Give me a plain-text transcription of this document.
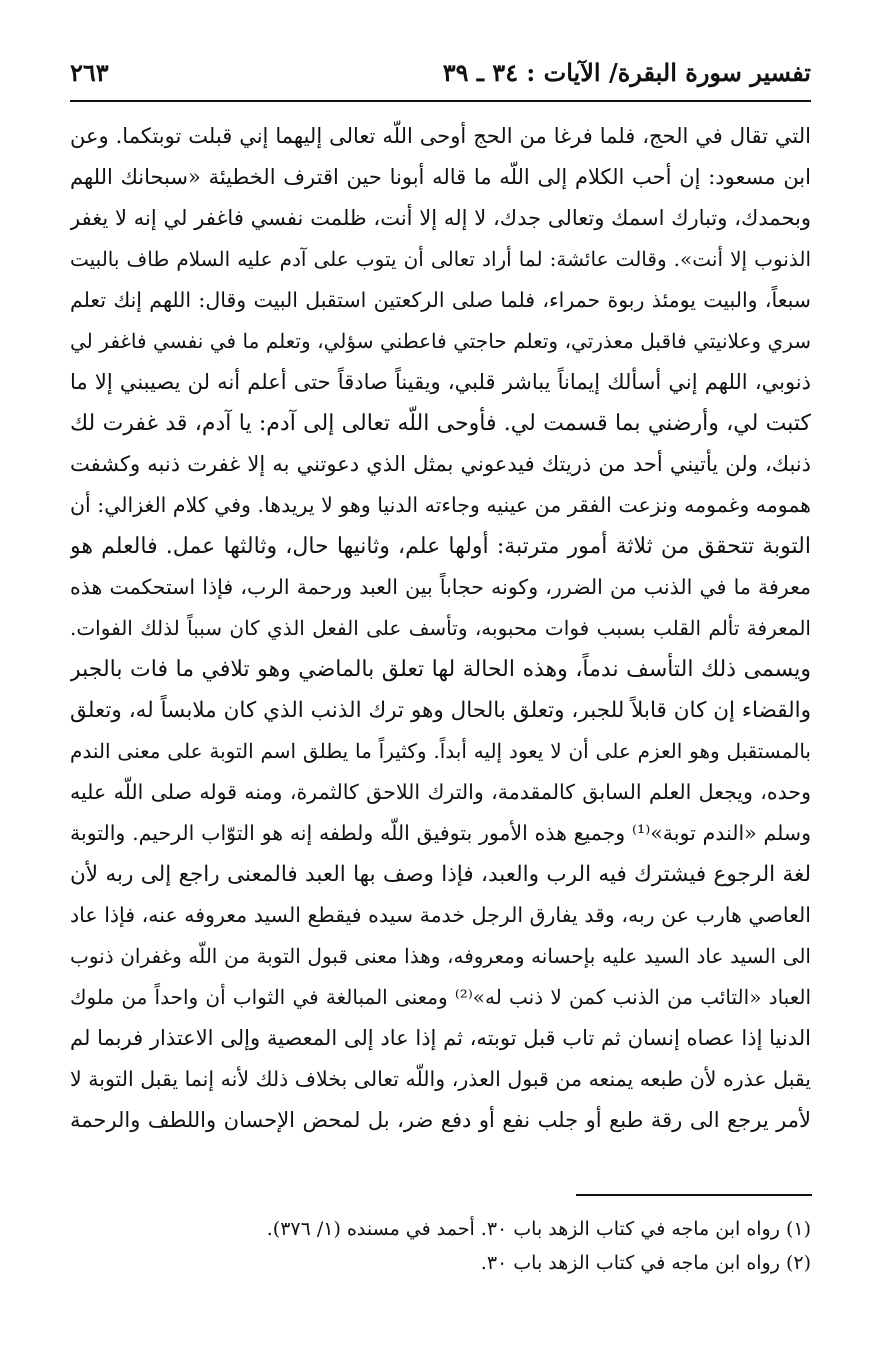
تفسير سورة البقرة/ الآيات : ٣٤ ـ ٣٩
٢٦٣
التي تقال في الحج، فلما فرغا من الحج أوحى اللّه تعالى إليهما إني قبلت توبتكما. وعن
ابن مسعود: إن أحب الكلام إلى اللّه ما قاله أبونا حين اقترف الخطيئة «سبحانك اللهم
وبحمدك، وتبارك اسمك وتعالى جدك، لا إله إلا أنت، ظلمت نفسي فاغفر لي إنه لا يغفر
الذنوب إلا أنت». وقالت عائشة: لما أراد تعالى أن يتوب على آدم عليه السلام طاف بالبيت
سبعاً، والبيت يومئذ ربوة حمراء، فلما صلى الركعتين استقبل البيت وقال: اللهم إنك تعلم
سري وعلانيتي فاقبل معذرتي، وتعلم حاجتي فاعطني سؤلي، وتعلم ما في نفسي فاغفر لي
ذنوبي، اللهم إني أسألك إيماناً يباشر قلبي، ويقيناً صادقاً حتى أعلم أنه لن يصيبني إلا ما
كتبت لي، وأرضني بما قسمت لي. فأوحى اللّه تعالى إلى آدم: يا آدم، قد غفرت لك
ذنبك، ولن يأتيني أحد من ذريتك فيدعوني بمثل الذي دعوتني به إلا غفرت ذنبه وكشفت
همومه وغمومه ونزعت الفقر من عينيه وجاءته الدنيا وهو لا يريدها. وفي كلام الغزالي: أن
التوبة تتحقق من ثلاثة أمور مترتبة: أولها علم، وثانيها حال، وثالثها عمل. فالعلم هو
معرفة ما في الذنب من الضرر، وكونه حجاباً بين العبد ورحمة الرب، فإذا استحكمت هذه
المعرفة تألم القلب بسبب فوات محبوبه، وتأسف على الفعل الذي كان سبباً لذلك الفوات.
ويسمى ذلك التأسف ندماً، وهذه الحالة لها تعلق بالماضي وهو تلافي ما فات بالجبر
والقضاء إن كان قابلاً للجبر، وتعلق بالحال وهو ترك الذنب الذي كان ملابساً له، وتعلق
بالمستقبل وهو العزم على أن لا يعود إليه أبداً. وكثيراً ما يطلق اسم التوبة على معنى الندم
وحده، ويجعل العلم السابق كالمقدمة، والترك اللاحق كالثمرة، ومنه قوله صلى اللّه عليه
وسلم «الندم توبة»⁽¹⁾ وجميع هذه الأمور بتوفيق اللّه ولطفه إنه هو التوّاب الرحيم. والتوبة
لغة الرجوع فيشترك فيه الرب والعبد، فإذا وصف بها العبد فالمعنى راجع إلى ربه لأن
العاصي هارب عن ربه، وقد يفارق الرجل خدمة سيده فيقطع السيد معروفه عنه، فإذا عاد
الى السيد عاد السيد عليه بإحسانه ومعروفه، وهذا معنى قبول التوبة من اللّه وغفران ذنوب
العباد «التائب من الذنب كمن لا ذنب له»⁽²⁾ ومعنى المبالغة في الثواب أن واحداً من ملوك
الدنيا إذا عصاه إنسان ثم تاب قبل توبته، ثم إذا عاد إلى المعصية وإلى الاعتذار فربما لم
يقبل عذره لأن طبعه يمنعه من قبول العذر، واللّه تعالى بخلاف ذلك لأنه إنما يقبل التوبة لا
لأمر يرجع الى رقة طبع أو جلب نفع أو دفع ضر، بل لمحض الإحسان واللطف والرحمة
(١) رواه ابن ماجه في كتاب الزهد باب ٣٠. أحمد في مسنده (١/ ٣٧٦).
(٢) رواه ابن ماجه في كتاب الزهد باب ٣٠.
